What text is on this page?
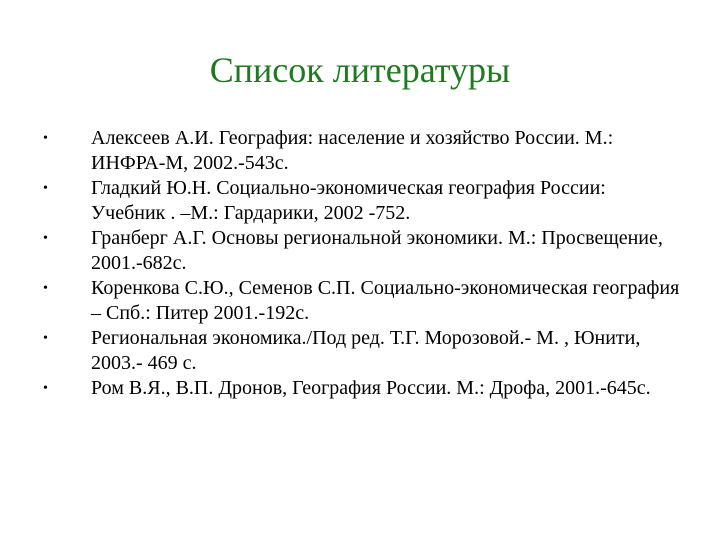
Список литературы
• Алексеев А.И. География: население и хозяйство России. М.: ИНФРА-М, 2002.-543с.
• Гладкий Ю.Н. Социально-экономическая география России: Учебник . –М.: Гардарики, 2002 -752.
• Гранберг А.Г. Основы региональной экономики. М.: Просвещение, 2001.-682с.
• Коренкова С.Ю., Семенов С.П. Социально-экономическая география – Спб.: Питер 2001.-192с.
• Региональная экономика./Под ред. Т.Г. Морозовой.- М. , Юнити, 2003.- 469 с.
• Ром В.Я., В.П. Дронов, География России. М.: Дрофа, 2001.-645с.
